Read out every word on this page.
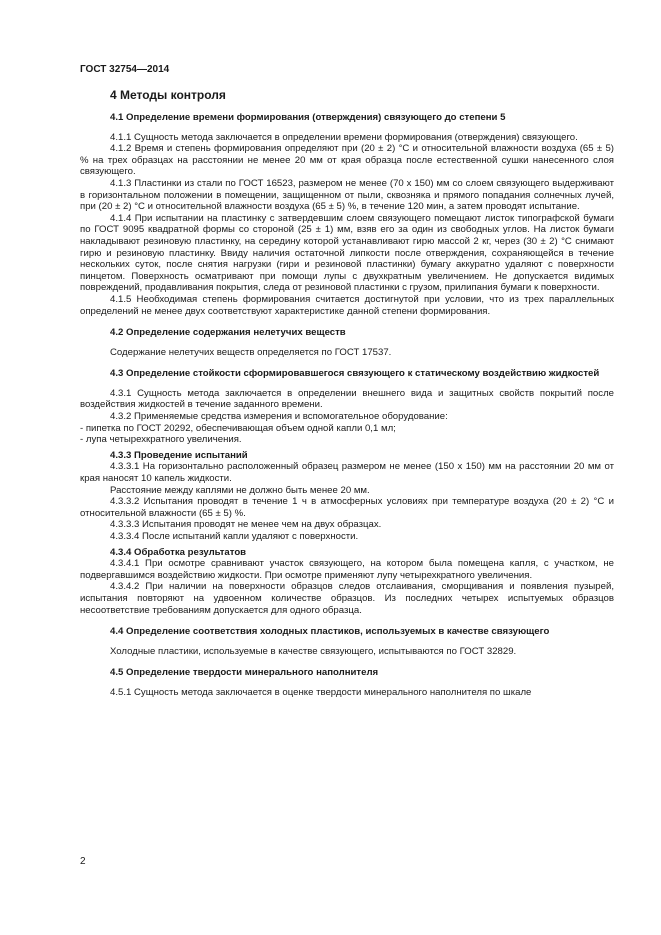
ГОСТ 32754—2014
4 Методы контроля
4.1 Определение времени формирования (отверждения) связующего до степени 5

4.1.1 Сущность метода заключается в определении времени формирования (отверждения) связующего.

4.1.2 Время и степень формирования определяют при (20 ± 2) °С и относительной влажности воздуха (65 ± 5) % на трех образцах на расстоянии не менее 20 мм от края образца после естественной сушки нанесенного слоя связующего.

4.1.3 Пластинки из стали по ГОСТ 16523, размером не менее (70 х 150) мм со слоем связующего выдерживают в горизонтальном положении в помещении, защищенном от пыли, сквозняка и прямого попадания солнечных лучей, при (20 ± 2) °С и относительной влажности воздуха (65 ± 5) %, в течение 120 мин, а затем проводят испытание.

4.1.4 При испытании на пластинку с затвердевшим слоем связующего помещают листок типографской бумаги по ГОСТ 9095 квадратной формы со стороной (25 ± 1) мм, взяв его за один из свободных углов. На листок бумаги накладывают резиновую пластинку, на середину которой устанавливают гирю массой 2 кг, через (30 ± 2) °С снимают гирю и резиновую пластинку. Ввиду наличия остаточной липкости после отверждения, сохраняющейся в течение нескольких суток, после снятия нагрузки (гири и резиновой пластинки) бумагу аккуратно удаляют с поверхности пинцетом. Поверхность осматривают при помощи лупы с двухкратным увеличением. Не допускается видимых повреждений, продавливания покрытия, следа от резиновой пластинки с грузом, прилипания бумаги к поверхности.

4.1.5 Необходимая степень формирования считается достигнутой при условии, что из трех параллельных определений не менее двух соответствуют характеристике данной степени формирования.

4.2 Определение содержания нелетучих веществ

Содержание нелетучих веществ определяется по ГОСТ 17537.

4.3 Определение стойкости сформировавшегося связующего к статическому воздействию жидкостей

4.3.1 Сущность метода заключается в определении внешнего вида и защитных свойств покрытий после воздействия жидкостей в течение заданного времени.

4.3.2 Применяемые средства измерения и вспомогательное оборудование:

- пипетка по ГОСТ 20292, обеспечивающая объем одной капли 0,1 мл;
- лупа четырехкратного увеличения.
4.3.3 Проведение испытаний

4.3.3.1 На горизонтально расположенный образец размером не менее (150 х 150) мм на расстоянии 20 мм от края наносят 10 капель жидкости.

Расстояние между каплями не должно быть менее 20 мм.

4.3.3.2 Испытания проводят в течение 1 ч в атмосферных условиях при температуре воздуха (20 ± 2) °С и относительной влажности (65 ± 5) %.

4.3.3.3 Испытания проводят не менее чем на двух образцах.

4.3.3.4 После испытаний капли удаляют с поверхности.

4.3.4 Обработка результатов

4.3.4.1 При осмотре сравнивают участок связующего, на котором была помещена капля, с участком, не подвергавшимся воздействию жидкости. При осмотре применяют лупу четырехкратного увеличения.

4.3.4.2 При наличии на поверхности образцов следов отслаивания, сморщивания и появления пузырей, испытания повторяют на удвоенном количестве образцов. Из последних четырех испытуемых образцов несоответствие требованиям допускается для одного образца.

4.4 Определение соответствия холодных пластиков, используемых в качестве связующего

Холодные пластики, используемые в качестве связующего, испытываются по ГОСТ 32829.

4.5 Определение твердости минерального наполнителя

4.5.1 Сущность метода заключается в оценке твердости минерального наполнителя по шкале

2
